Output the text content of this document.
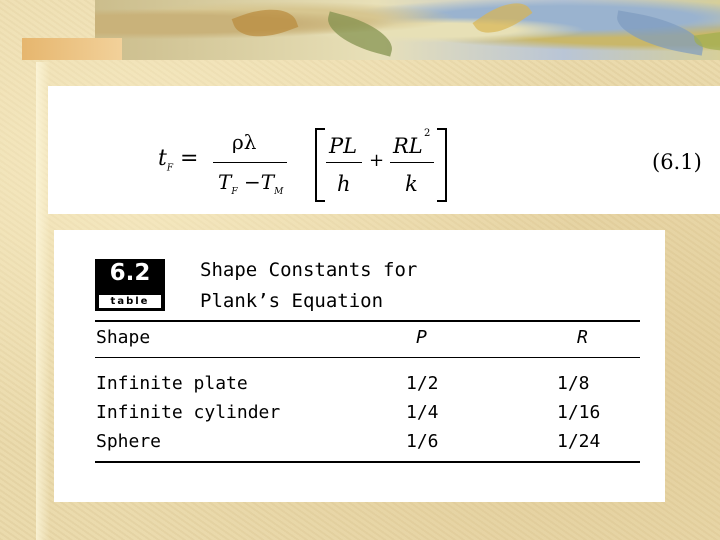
$t_F$ =
ρλ
$T_F -T_M$
PL
h
+
RL
2
k
(6.1)
6.2
table
Shape Constants for
Plank’s Equation
Shape	P	R
Infinite plate	1/2	1/8
Infinite cylinder	1/4	1/16
Sphere	1/6	1/24
